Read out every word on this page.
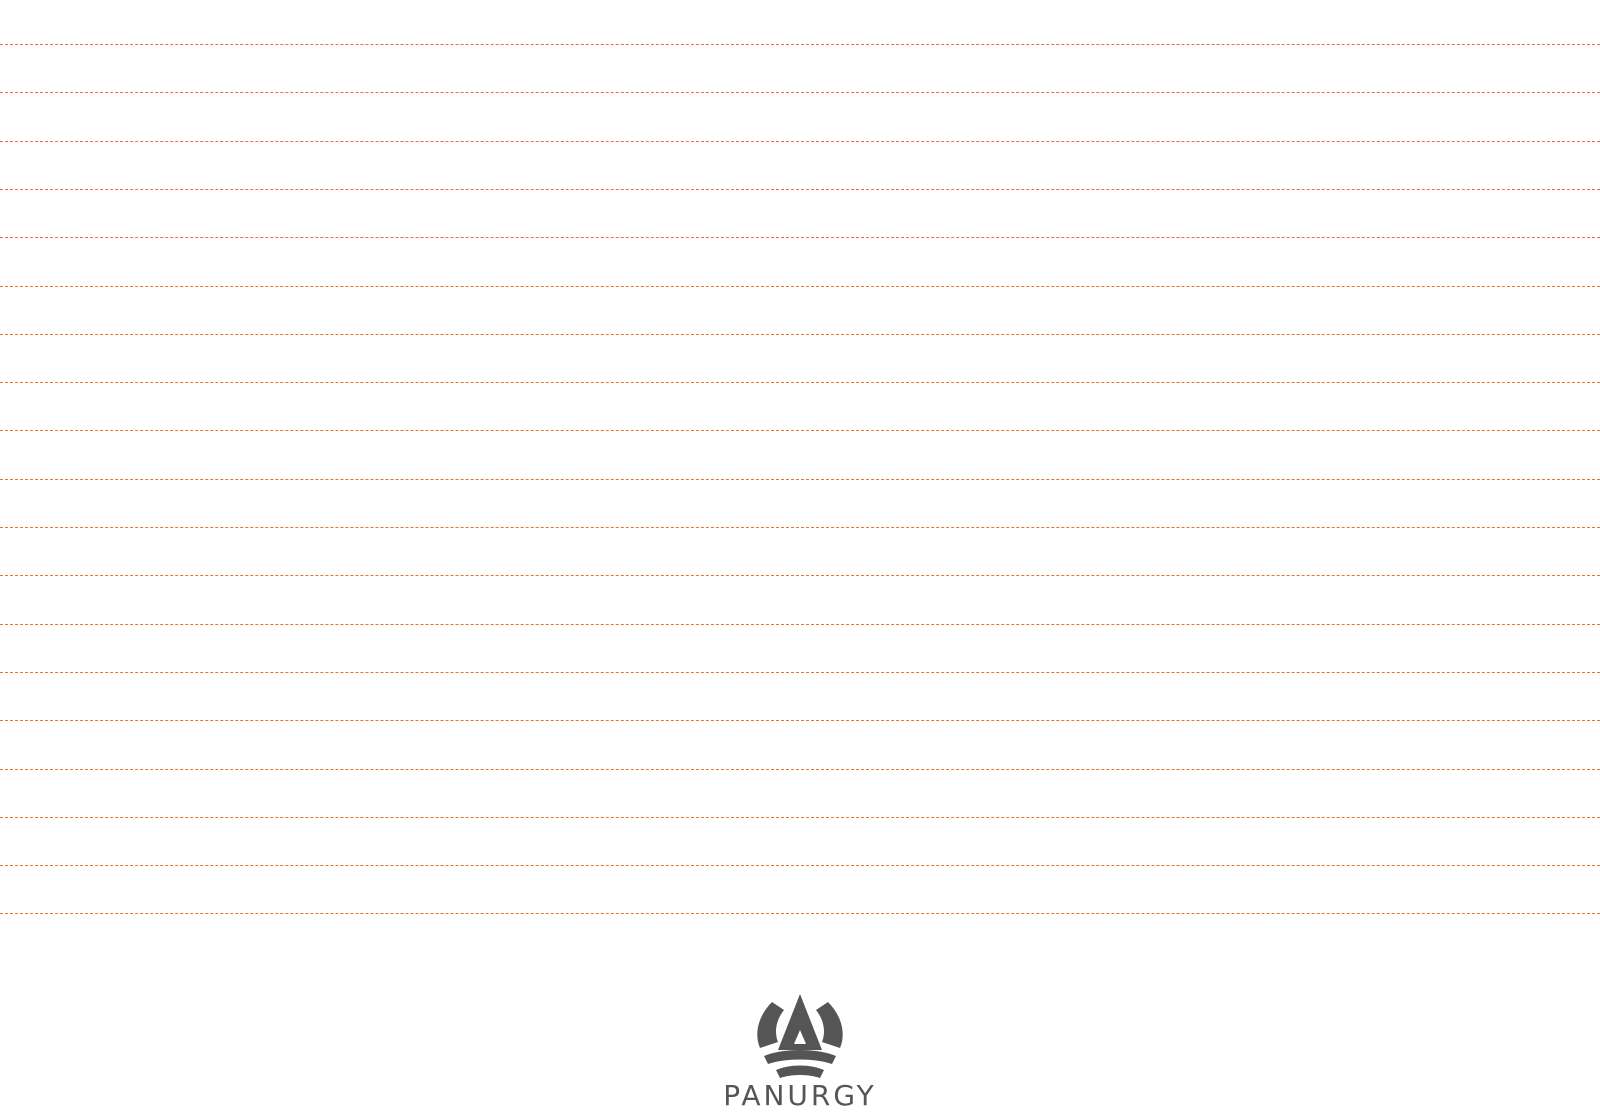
PANURGY
